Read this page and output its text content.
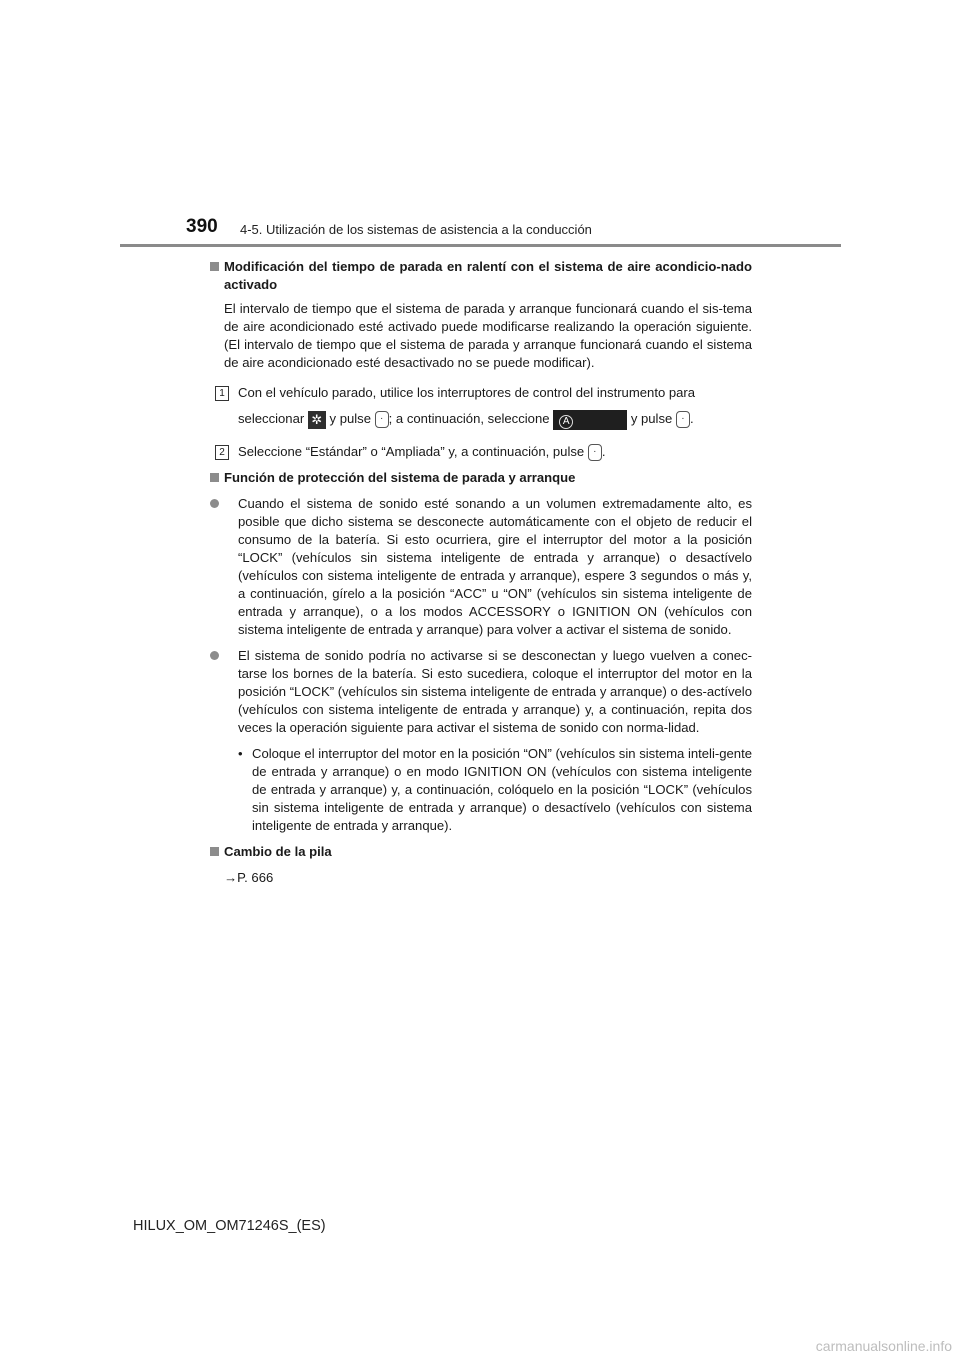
390 4-5. Utilización de los sistemas de asistencia a la conducción
Modificación del tiempo de parada en ralentí con el sistema de aire acondicio-nado activado
El intervalo de tiempo que el sistema de parada y arranque funcionará cuando el sis-tema de aire acondicionado esté activado puede modificarse realizando la operación siguiente. (El intervalo de tiempo que el sistema de parada y arranque funcionará cuando el sistema de aire acondicionado esté desactivado no se puede modificar).
1	Con el vehículo parado, utilice los interruptores de control del instrumento para
seleccionar ✲ y pulse · ; a continuación, seleccione A	y pulse · .
2	Seleccione “Estándar” o “Ampliada” y, a continuación, pulse · .
Función de protección del sistema de parada y arranque
Cuando el sistema de sonido esté sonando a un volumen extremadamente alto, es posible que dicho sistema se desconecte automáticamente con el objeto de reducir el consumo de la batería. Si esto ocurriera, gire el interruptor del motor a la posición “LOCK” (vehículos sin sistema inteligente de entrada y arranque) o desactívelo (vehículos con sistema inteligente de entrada y arranque), espere 3 segundos o más y, a continuación, gírelo a la posición “ACC” u “ON” (vehículos sin sistema inteligente de entrada y arranque), o a los modos ACCESSORY o IGNITION ON (vehículos con sistema inteligente de entrada y arranque) para volver a activar el sistema de sonido.
El sistema de sonido podría no activarse si se desconectan y luego vuelven a conec-tarse los bornes de la batería. Si esto sucediera, coloque el interruptor del motor en la posición “LOCK” (vehículos sin sistema inteligente de entrada y arranque) o des-actívelo (vehículos con sistema inteligente de entrada y arranque) y, a continuación, repita dos veces la operación siguiente para activar el sistema de sonido con norma-lidad.
• Coloque el interruptor del motor en la posición “ON” (vehículos sin sistema inteli-gente de entrada y arranque) o en modo IGNITION ON (vehículos con sistema inteligente de entrada y arranque) y, a continuación, colóquelo en la posición “LOCK” (vehículos sin sistema inteligente de entrada y arranque) o desactívelo (vehículos con sistema inteligente de entrada y arranque).
Cambio de la pila
→P. 666
HILUX_OM_OM71246S_(ES)
carmanualsonline.info
